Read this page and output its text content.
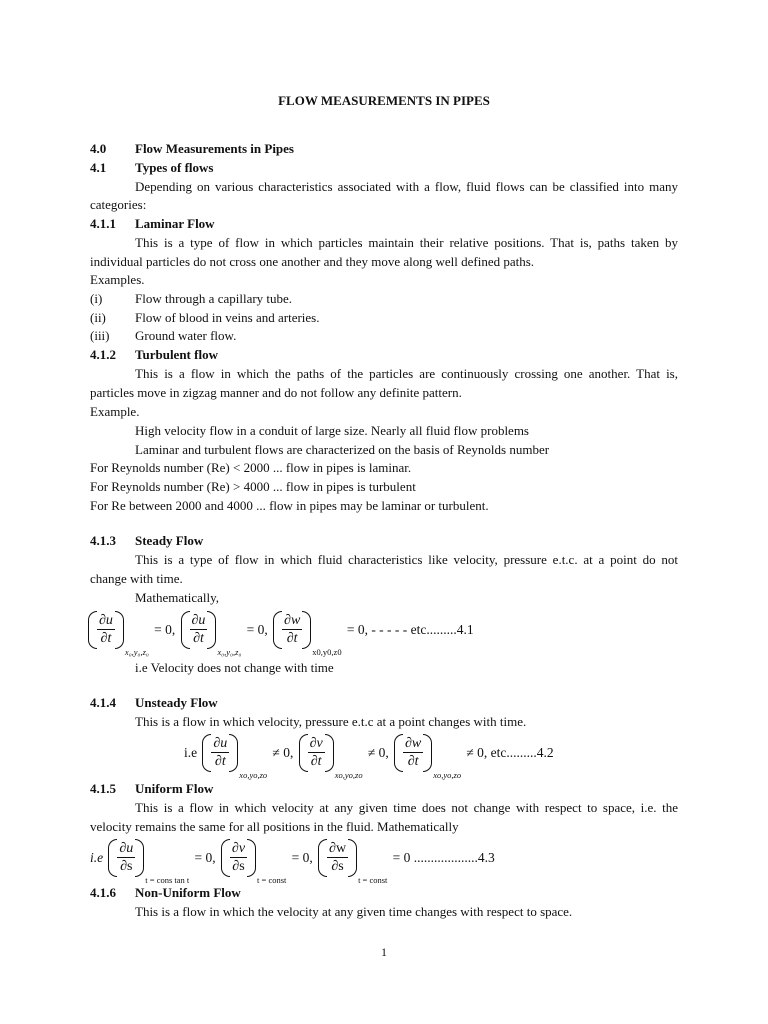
FLOW MEASUREMENTS IN PIPES
4.0 Flow Measurements in Pipes
4.1 Types of flows
Depending on various characteristics associated with a flow, fluid flows can be classified into many
categories:
4.1.1 Laminar Flow
This is a type of flow in which particles maintain their relative positions. That is, paths taken by
individual particles do not cross one another and they move along well defined paths.
Examples.
(i)	Flow through a capillary tube.
(ii) Flow of blood in veins and arteries.
(iii) Ground water flow.
4.1.2 Turbulent flow
This is a flow in which the paths of the particles are continuously crossing one another. That is,
particles move in zigzag manner and do not follow any definite pattern.
Example.
High velocity flow in a conduit of large size. Nearly all fluid flow problems
Laminar and turbulent flows are characterized on the basis of Reynolds number
For Reynolds number (Re) < 2000 ... flow in pipes is laminar.
For Reynolds number (Re) > 4000 ... flow in pipes is turbulent
For Re between 2000 and 4000 ... flow in pipes may be laminar or turbulent.
4.1.3 Steady Flow
This is a type of flow in which fluid characteristics like velocity, pressure e.t.c. at a point do not
change with time.
Mathematically,
$\frac{\partial u}{\partial t}$
x₀,y₀,z₀ = 0, $\frac{\partial u}{\partial t}$
x₀,y₀,z₀ = 0, $\frac{\partial w}{\partial t}$
x0,y0,z0 = 0, - - - - - etc.........4.1
i.e Velocity does not change with time
4.1.4 Unsteady Flow
This is a flow in which velocity, pressure e.t.c at a point changes with time.
$i.e \frac{\partial u}{\partial t}$
xo,yo,zo ≠ 0, $\frac{\partial v}{\partial t}$
xo,yo,zo ≠ 0, $\frac{\partial w}{\partial t}$
xo,yo,zo ≠ 0, etc.........4.2
4.1.5 Uniform Flow
This is a flow in which velocity at any given time does not change with respect to space, i.e. the
velocity remains the same for all positions in the fluid. Mathematically
$i.e \frac{\partial u}{\partial s}$
t = cons tan t = 0, $\frac{\partial v}{\partial s}$
t = const = 0, $\frac{\partial w}{\partial s}$
t = const = 0 ...................4.3
4.1.6 Non-Uniform Flow
This is a flow in which the velocity at any given time changes with respect to space.
1
